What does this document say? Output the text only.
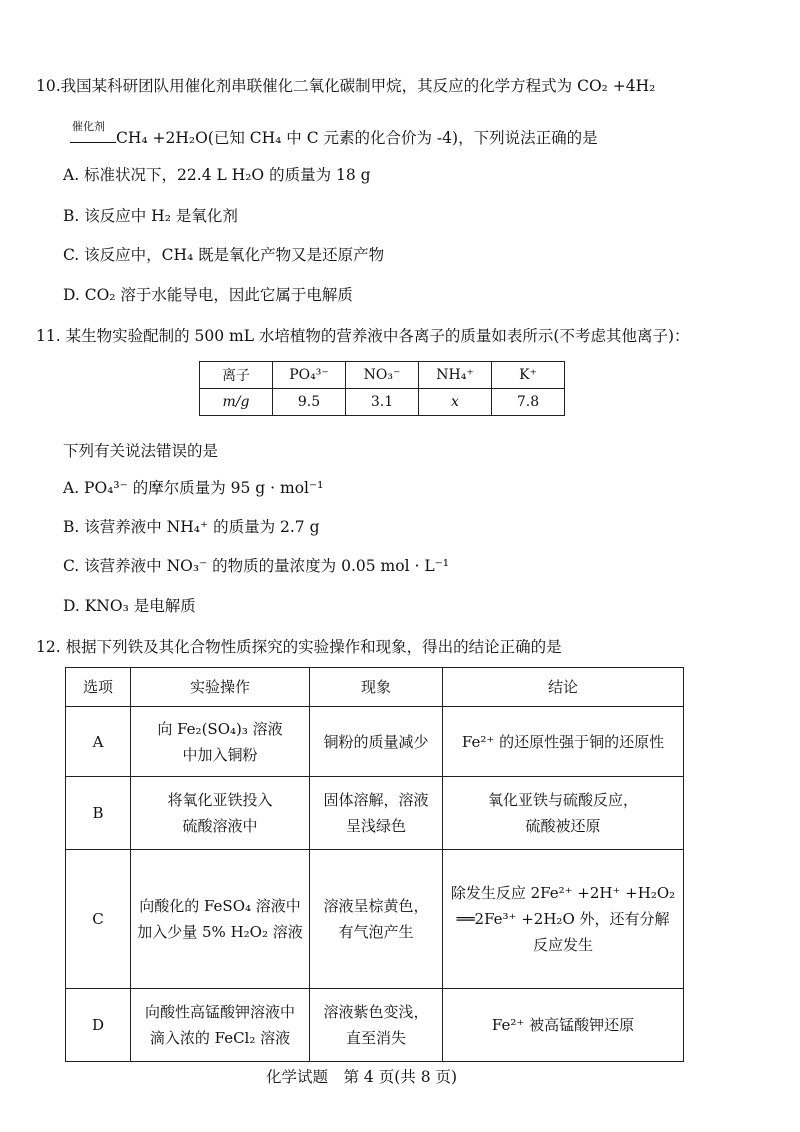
10.我国某科研团队用催化剂串联催化二氧化碳制甲烷，其反应的化学方程式为 CO₂ +4H₂
催化剂
CH₄ +2H₂O(已知 CH₄ 中 C 元素的化合价为 -4)，下列说法正确的是
A. 标准状况下，22.4 L H₂O 的质量为 18 g
B. 该反应中 H₂ 是氧化剂
C. 该反应中，CH₄ 既是氧化产物又是还原产物
D. CO₂ 溶于水能导电，因此它属于电解质
11. 某生物实验配制的 500 mL 水培植物的营养液中各离子的质量如表所示(不考虑其他离子)：
离子	PO₄³⁻	NO₃⁻	NH₄⁺	K⁺
m/g	9.5	3.1	x	7.8
下列有关说法错误的是
A. PO₄³⁻ 的摩尔质量为 95 g · mol⁻¹
B. 该营养液中 NH₄⁺ 的质量为 2.7 g
C. 该营养液中 NO₃⁻ 的物质的量浓度为 0.05 mol · L⁻¹
D. KNO₃ 是电解质
12. 根据下列铁及其化合物性质探究的实验操作和现象，得出的结论正确的是
选项	实验操作	现象	结论
A	向 Fe₂(SO₄)₃ 溶液
中加入铜粉	铜粉的质量减少	Fe²⁺ 的还原性强于铜的还原性

B	将氧化亚铁投入
硫酸溶液中	固体溶解，溶液
呈浅绿色	氧化亚铁与硫酸反应，
硫酸被还原

C	向酸化的 FeSO₄ 溶液中
加入少量 5% H₂O₂ 溶液	溶液呈棕黄色，
有气泡产生	除发生反应 2Fe²⁺ +2H⁺ +H₂O₂
══2Fe³⁺ +2H₂O 外，还有分解
反应发生

D	向酸性高锰酸钾溶液中
滴入浓的 FeCl₂ 溶液	溶液紫色变浅，
直至消失	Fe²⁺ 被高锰酸钾还原
化学试题　第 4 页(共 8 页)
